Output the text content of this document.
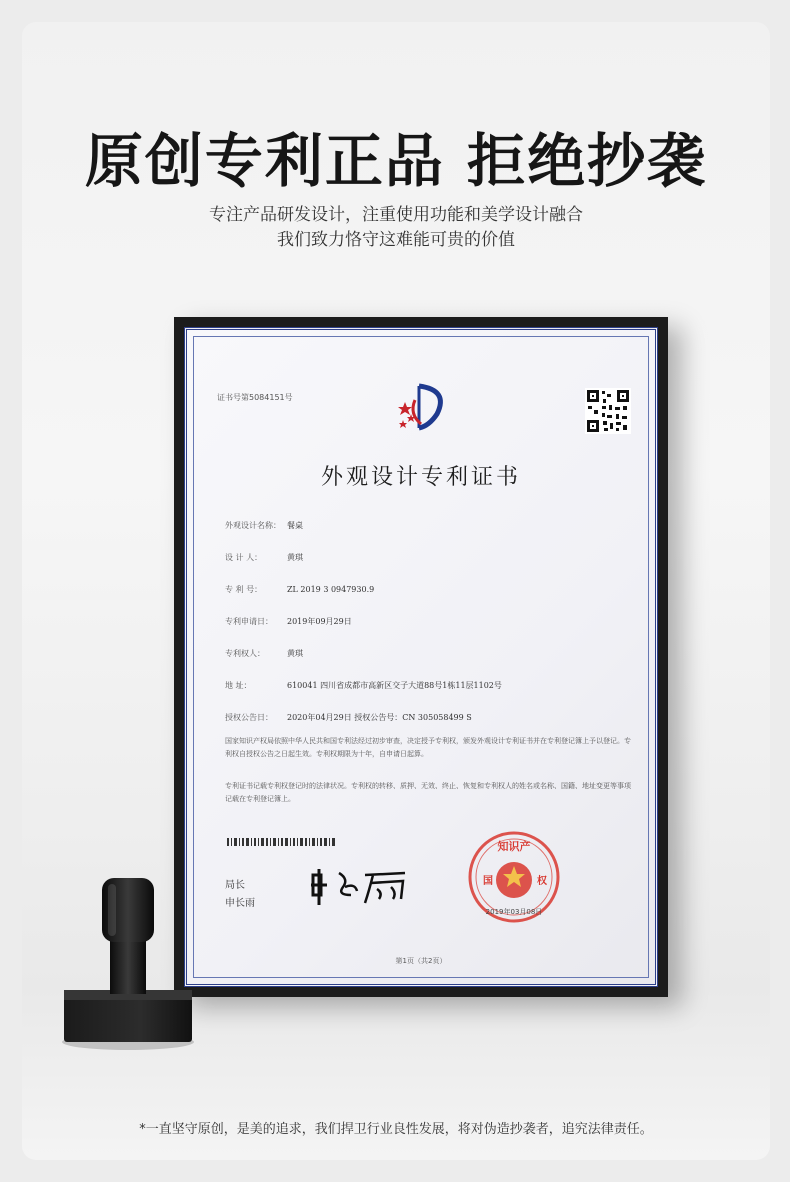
原创专利正品 拒绝抄袭
专注产品研发设计，注重使用功能和美学设计融合
我们致力恪守这难能可贵的价值
证书号第5084151号
外观设计专利证书
外观设计名称： 餐桌
设 计 人：	黄琪
专 利 号：	ZL 2019 3 0947930.9
专利申请日： 2019年09月29日
专利权人：	黄琪
地 址：	610041 四川省成都市高新区交子大道88号1栋11层1102号
授权公告日： 2020年04月29日 授权公告号：CN 305058499 S
国家知识产权局依照中华人民共和国专利法经过初步审查，决定授予专利权，颁发外观设计专利证书并在专利登记簿上予以登记。专利权自授权公告之日起生效。专利权期限为十年，自申请日起算。
专利证书记载专利权登记时的法律状况。专利权的转移、质押、无效、终止、恢复和专利权人的姓名或名称、国籍、地址变更等事项记载在专利登记簿上。
局长
申长雨
知识产
国	权
2019年03月08日
第1页（共2页）
*一直坚守原创，是美的追求，我们捍卫行业良性发展，将对伪造抄袭者，追究法律责任。
